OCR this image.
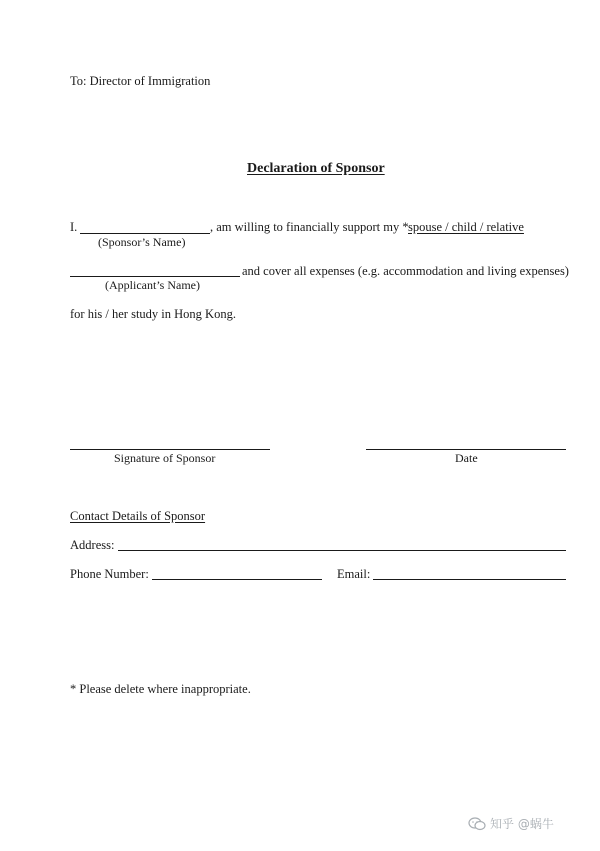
To: Director of Immigration
Declaration of Sponsor
I.	, am willing to financially support my * spouse / child / relative
(Sponsor’s Name)
and cover all expenses (e.g. accommodation and living expenses)
(Applicant’s Name)
for his / her study in Hong Kong.
Signature of Sponsor	Date
Contact Details of Sponsor
Address:
Phone Number:	Email:
* Please delete where inappropriate.
知乎 @蜗牛
